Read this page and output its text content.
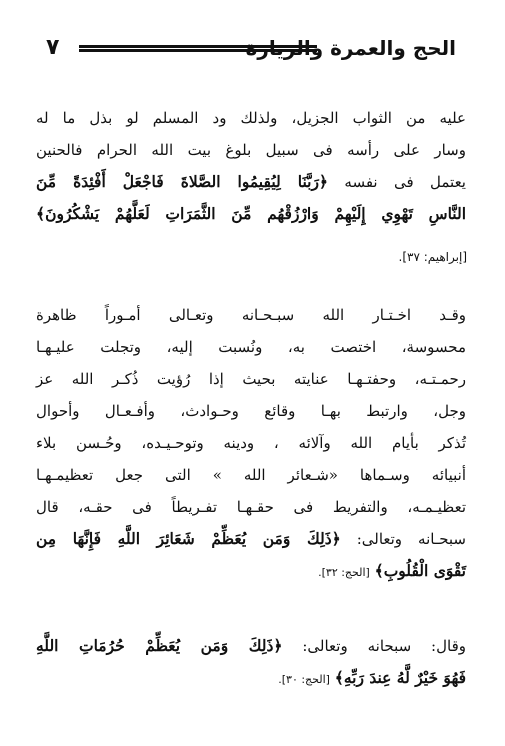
٧	الحج والعمرة والزيارة
عليه من الثواب الجزيل، ولذلك ود المسلم لو بذل ما له
وسار على رأسه فى سبيل بلوغ بيت الله الحرام فالحنين
يعتمل فى نفسه ﴿رَبَّنَا لِيُقِيمُوا الصَّلاةَ فَاجْعَلْ أَفْئِدَةً مِّنَ
النَّاسِ تَهْوِي إِلَيْهِمْ وَارْزُقْهُم مِّنَ الثَّمَرَاتِ لَعَلَّهُمْ يَشْكُرُونَ﴾
[إبراهيم: ٣٧].
وقـد اخـتـار الله سبـحـانه وتعـالى أمـوراً ظاهرة
محسوسة، اختصت به، ونُسبت إليه، وتجلت عليـهـا
رحمـتـه، وحفتـهـا عنايته بحيث إذا رُؤيت ذُكـر الله عز
وجل، وارتبط بهـا وقائع وحـوادث، وأفـعـال وأحوال
تُذكر بأيام الله وآلائه ، ودينه وتوحـيـده، وحُـسن بلاء
أنبيائه وسـماها «شـعائر الله » التى جعل تعظيمـهـا
تعظيـمـه، والتفريط فى حقـهـا تفـريطاً فى حقـه، قال
سبحـانه وتعالى: ﴿ذَلِكَ وَمَن يُعَظِّمْ شَعَائِرَ اللَّهِ فَإِنَّهَا مِن
تَقْوَى الْقُلُوبِ﴾ [الحج: ٣٢].
وقال: سبحانه وتعالى: ﴿ذَلِكَ وَمَن يُعَظِّمْ حُرُمَاتِ اللَّهِ
فَهُوَ خَيْرٌ لَّهُ عِندَ رَبِّهِ﴾ [الحج: ٣٠].
